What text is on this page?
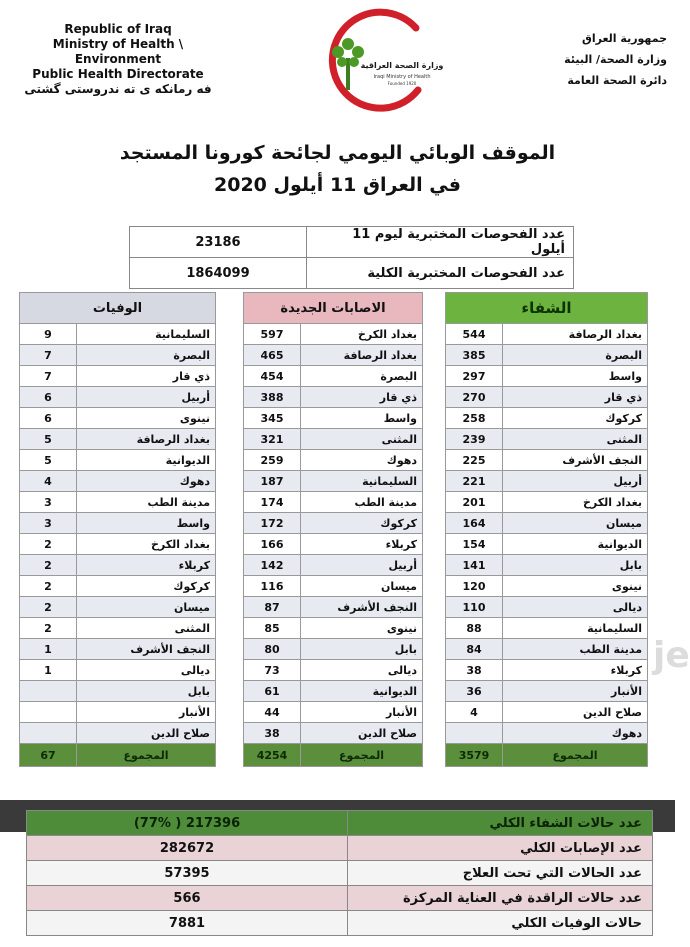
Republic of Iraq
Ministry of Health \ Environment
Public Health Directorate
فه رمانكه ى ته ندروستى گشتى
وزارة الصحة العراقية
Iraqi Ministry of Health
Founded 1920
جمهورية العراق
وزارة الصحة/ البيئة
دائرة الصحة العامة
الموقف الوبائي اليومي لجائحة كورونا المستجد
في العراق 11 أيلول 2020
23186	عدد الفحوصات المختبرية ليوم 11 أيلول
1864099	عدد الفحوصات المختبرية الكلية
الوفيات	
9	السليمانية
7	البصرة
7	ذي قار
6	أربيل
6	نينوى
5	بغداد الرصافة
5	الديوانية
4	دهوك
3	مدينة الطب
3	واسط
2	بغداد الكرخ
2	كربلاء
2	كركوك
2	ميسان
2	المثنى
1	النجف الأشرف
1	ديالى
	بابل
	الأنبار
	صلاح الدين
67	المجموع
الاصابات الجديدة	
597	بغداد الكرخ
465	بغداد الرصافة
454	البصرة
388	ذي قار
345	واسط
321	المثنى
259	دهوك
187	السليمانية
174	مدينة الطب
172	كركوك
166	كربلاء
142	أربيل
116	ميسان
87	النجف الأشرف
85	نينوى
80	بابل
73	ديالى
61	الديوانية
44	الأنبار
38	صلاح الدين
4254	المجموع
الشفاء	
544	بغداد الرصافة
385	البصرة
297	واسط
270	ذي قار
258	كركوك
239	المثنى
225	النجف الأشرف
221	أربيل
201	بغداد الكرخ
164	ميسان
154	الديوانية
141	بابل
120	نينوى
110	ديالى
88	السليمانية
84	مدينة الطب
38	كربلاء
36	الأنبار
4	صلاح الدين
	دهوك
3579	المجموع
je
(77% ) 217396	عدد حالات الشفاء الكلي
282672	عدد الإصابات الكلي
57395	عدد الحالات التي تحت العلاج
566	عدد حالات الراقدة في العناية المركزة
7881	حالات الوفيات الكلي
